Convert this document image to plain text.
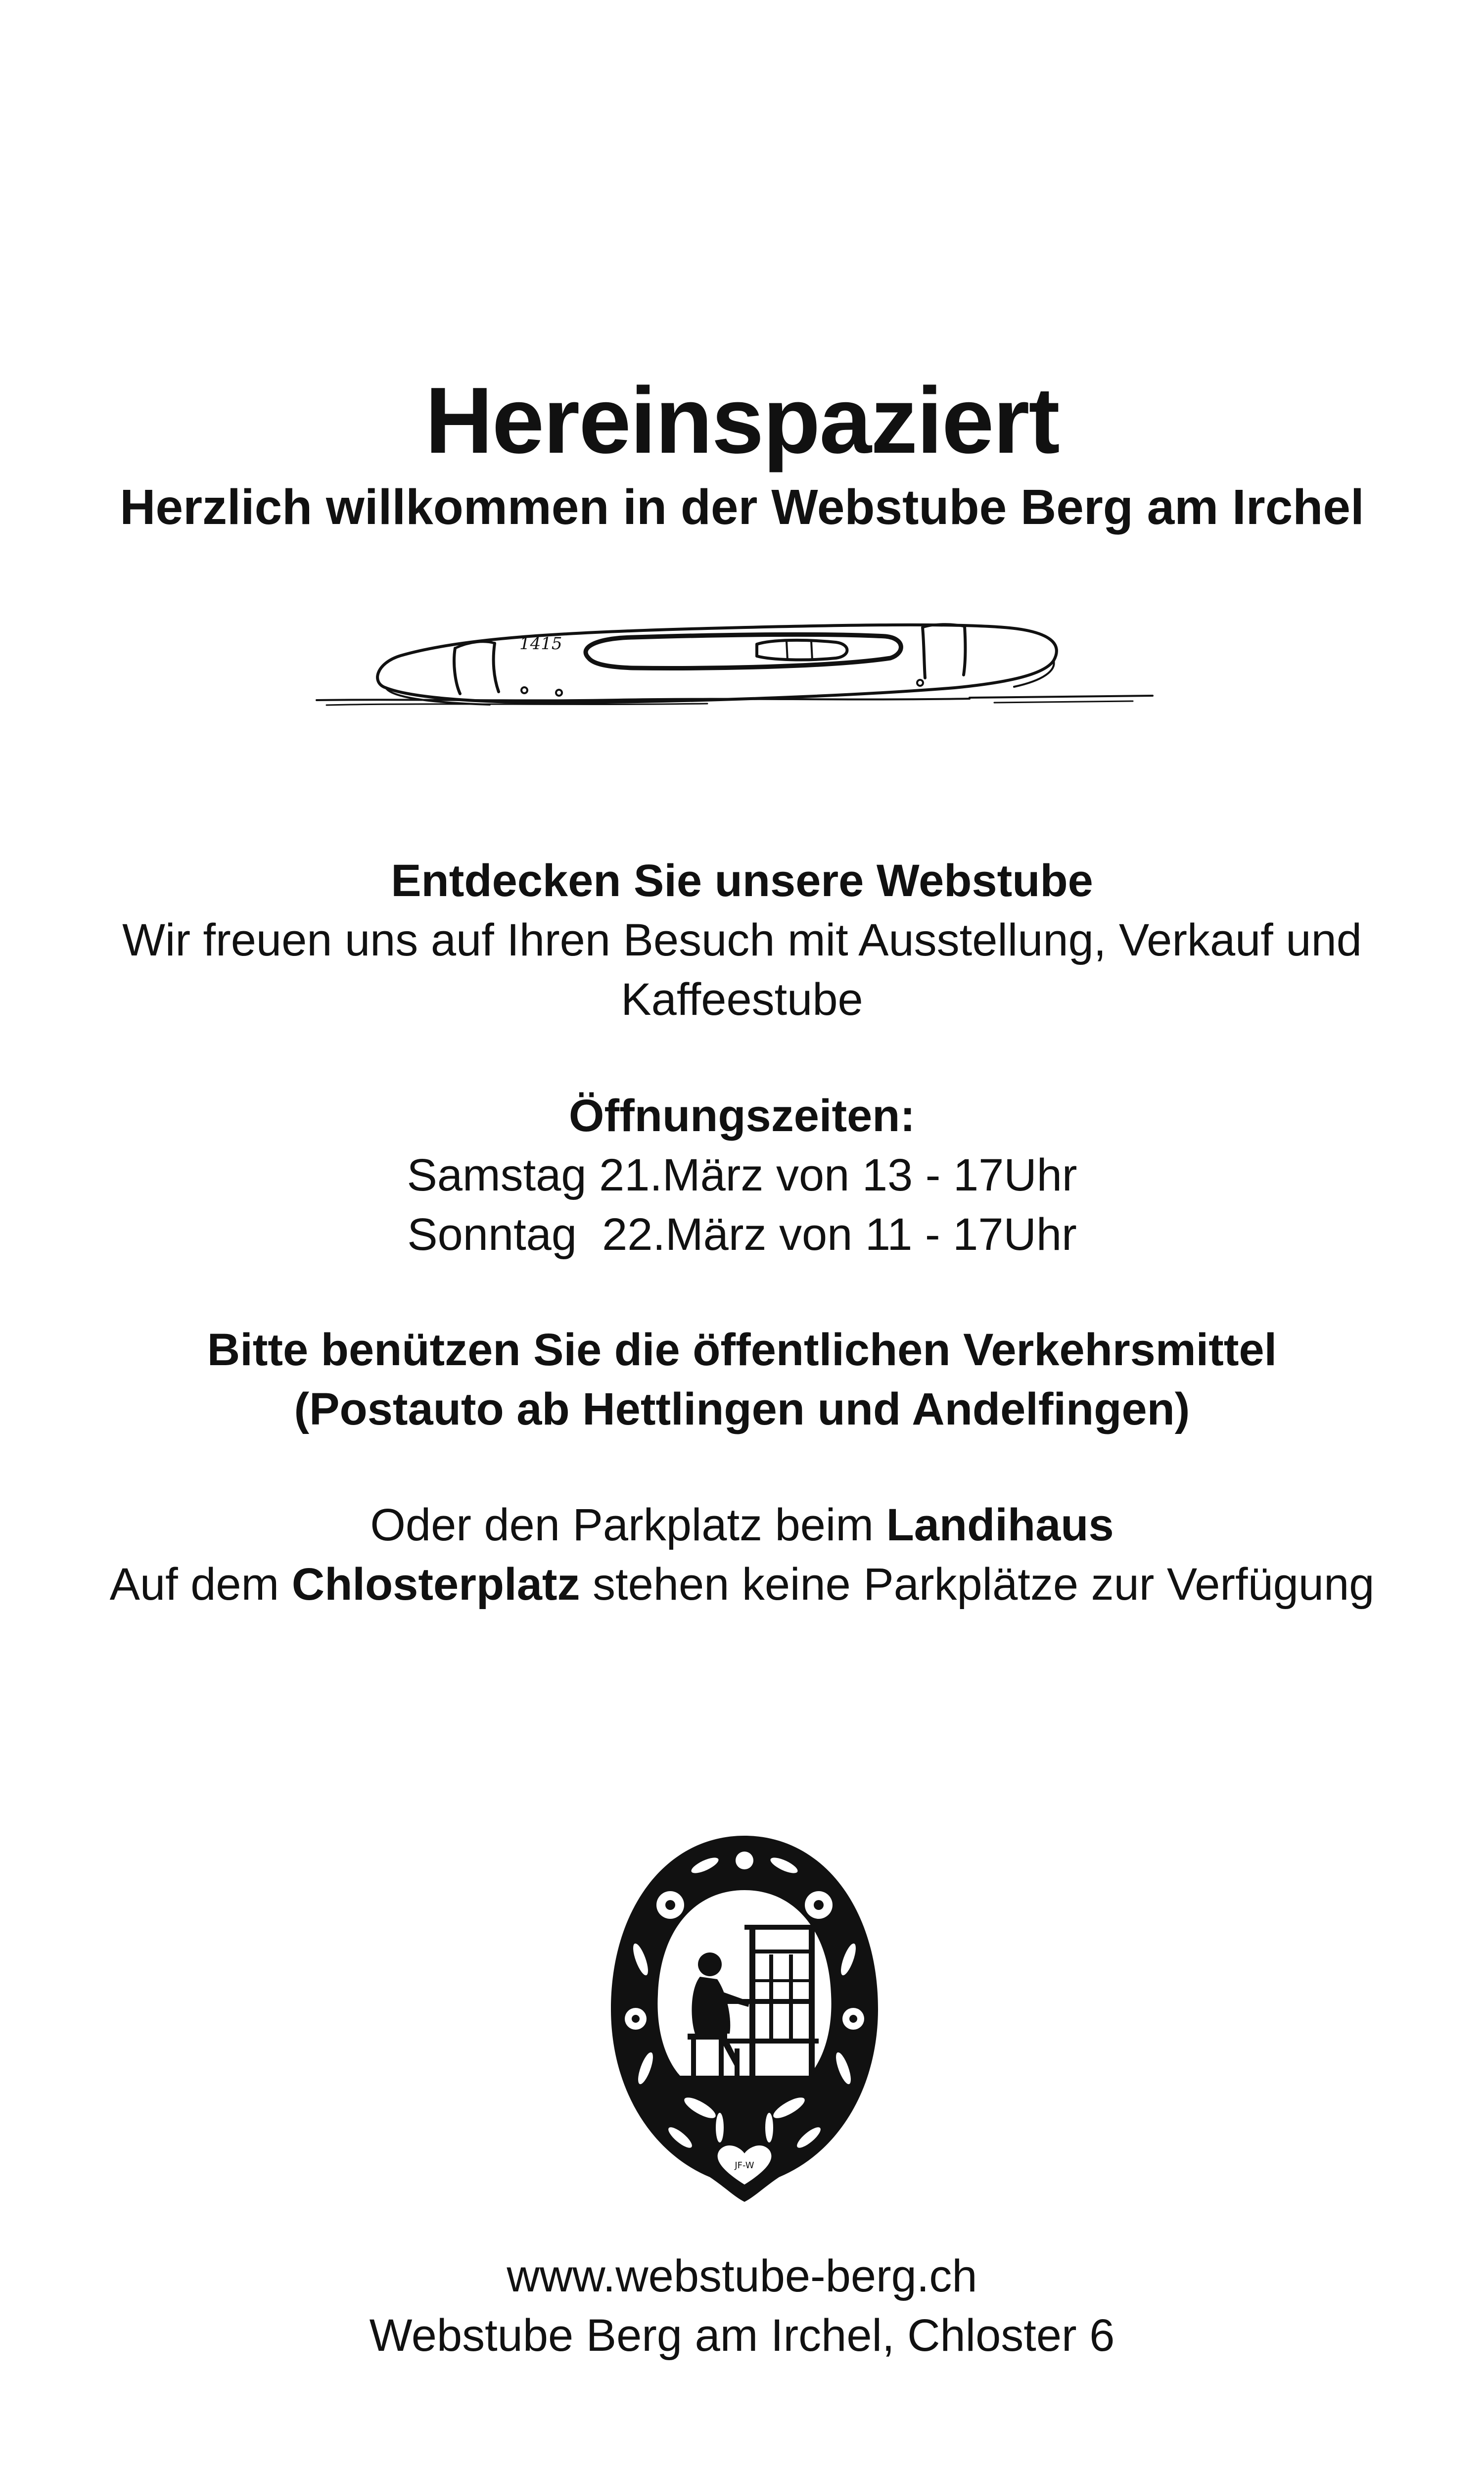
Hereinspaziert
Herzlich willkommen in der Webstube Berg am Irchel
1415
Entdecken Sie unsere Webstube
Wir freuen uns auf Ihren Besuch mit Ausstellung, Verkauf und
Kaffeestube
Öffnungszeiten:
Samstag 21.März von 13 - 17Uhr
Sonntag  22.März von 11 - 17Uhr
Bitte benützen Sie die öffentlichen Verkehrsmittel
(Postauto ab Hettlingen und Andelfingen)
Oder den Parkplatz beim Landihaus
Auf dem Chlosterplatz stehen keine Parkplätze zur Verfügung
JF-W
www.webstube-berg.ch
Webstube Berg am Irchel, Chloster 6
